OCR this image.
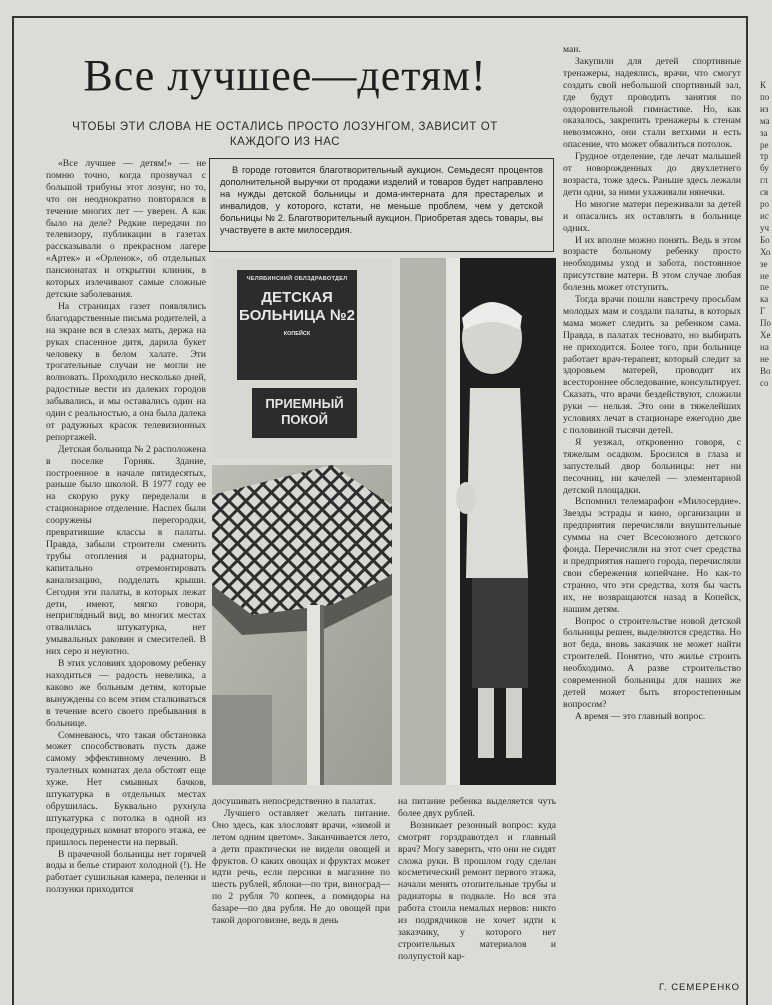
Все лучшее—детям!
ЧТОБЫ ЭТИ СЛОВА НЕ ОСТАЛИСЬ ПРОСТО ЛОЗУНГОМ, ЗАВИСИТ ОТ КАЖДОГО ИЗ НАС

В городе готовится благотворительный аукцион. Семьдесят процентов дополнительной выручки от продажи изделий и товаров будет направлено на нужды детской больницы и дома-интерната для престарелых и инвалидов, у которого, кстати, не меньше проблем, чем у детской больницы № 2. Благотворительный аукцион. Приобретая здесь товары, вы участвуете в акте милосердия.

«Все лучшее — детям!» — не помню точно, когда прозвучал с большой трибуны этот лозунг, но то, что он неоднократно повторялся в течение многих лет — уверен. А как было на деле? Редкие передачи по телевизору, публикации в газетах рассказывали о прекрасном лагере «Артек» и «Орленок», об отдельных пансионатах и открытии клиник, в которых излечивают самые сложные детские заболевания.

На страницах газет появлялись благодарственные письма родителей, а на экране вся в слезах мать, держа на руках спасенное дитя, дарила букет человеку в белом халате. Эти трогательные случаи не могли не волновать. Проходило несколько дней, радостные вести из далеких городов забывались, и мы оставались один на один с реальностью, а она была далека от радужных красок телевизионных репортажей.

Детская больница № 2 расположена в поселке Горняк. Здание, построенное в начале пятидесятых, раньше было школой. В 1977 году ее на скорую руку переделали в стационарное отделение. Наспех были сооружены перегородки, превратившие классы в палаты. Правда, забыли строители сменить трубы отопления и радиаторы, капитально отремонтировать канализацию, подделать крыши. Сегодня эти палаты, в которых лежат дети, имеют, мягко говоря, непригля́дный вид, во многих местах отвалилась штукатурка, нет умывальных раковин и смесителей. В них серо и неуютно.

В этих условиях здоровому ребенку находиться — радость невелика, а каково же больным детям, которые вынуждены со всем этим сталкиваться в течение всего своего пребывания в больнице.

Сомневаюсь, что такая обстановка может способствовать пусть даже самому эффективному лечению. В туалетных комнатах дела обстоят еще хуже. Нет смывных бачков, штукатурка в отдельных местах обрушилась. Буквально рухнула штукатурка с потолка в одной из процедурных комнат второго этажа, ее пришлось перенести на первый.

В прачечной больницы нет горячей воды и белье стирают холодной (!). Не работает сушильная камера, пеленки и ползунки приходится

ЧЕЛЯБИНСКИЙ ОБЛЗДРАВОТДЕЛ
ДЕТСКАЯ БОЛЬНИЦА №2
КОПЕЙСК
ПРИЕМНЫЙ ПОКОЙ

досушивать непосредственно в палатах.

Лучшего оставляет желать питание. Оно здесь, как злословят врачи, «зимой и летом одним цветом». Заканчивается лето, а дети практически не видели овощей и фруктов. О каких овощах и фруктах может идти речь, если персики в магазине по шесть рублей, яблоки—по три, виноград—по 2 рубля 70 копеек, а помидоры на базаре—по два рубля. Не до овощей при такой дороговизне, ведь в день

на питание ребенка выделяется чуть более двух рублей.

Возникает резонный вопрос: куда смотрят горздравотдел и главный врач? Могу заверить, что они не сидят сложа руки. В прошлом году сделан косметический ремонт первого этажа, начали менять отопительные трубы и радиаторы в подвале. Но вся эта работа стоила немалых нервов: никто из подрядчиков не хочет идти к заказчику, у которого нет строительных материалов и полупустой кар-

ман.

Закупили для детей спортивные тренажеры, надеялись, врачи, что смогут создать свой небольшой спортивный зал, где будут проводить занятия по оздоровительной гимнастике. Но, как оказалось, закрепить тренажеры к стенам невозможно, они стали ветхими и есть опасение, что может обвалиться потолок.

Грудное отделение, где лечат малышей от новорожденных до двухлетнего возраста, тоже здесь. Раньше здесь лежали дети одни, за ними ухаживали нянечки.

Но многие матери переживали за детей и опасались их оставлять в больнице одних.

И их вполне можно понять. Ведь в этом возрасте больному ребенку просто необходимы уход и забота, постоянное присутствие матери. В этом случае любая болезнь может отступить.

Тогда врачи пошли навстречу просьбам молодых мам и создали палаты, в которых мама может следить за ребенком сама. Правда, в палатах тесновато, но выбирать не приходится. Более того, при больнице работает врач-терапевт, который следит за здоровьем матерей, проводит их всестороннее обследование, консультирует. Сказать, что врачи бездействуют, сложили руки — нельзя. Это они в тяжелейших условиях лечат в стационаре ежегодно две с половиной тысячи детей.

Я уезжал, откровенно говоря, с тяжелым осадком. Бросился в глаза и запустелый двор больницы: нет ни песочниц, ни качелей — элементарной детской площадки.

Вспомнил телемарафон «Милосердие». Звезды эстрады и кино, организации и предприятия перечисляли внушительные суммы на счет Всесоюзного детского фонда. Перечисляли на этот счет средства и предприятия нашего города, перечисляли свои сбережения копейчане. Но как-то странно, что эти средства, хотя бы часть их, не возвращаются назад в Копейск, нашим детям.

Вопрос о строительстве новой детской больницы решен, выделяются средства. Но вот беда, вновь заказчик не может найти строителей. Понятно, что жилье строить необходимо. А разве строительство современной больницы для наших же детей может быть второстепенным вопросом?

А время — это главный вопрос.

Г. СЕМЕРЕНКО
К по из ма за ре тр бу гл св ро ис уч Бо Хо зе не пе ка Г По Хе на не Во со
